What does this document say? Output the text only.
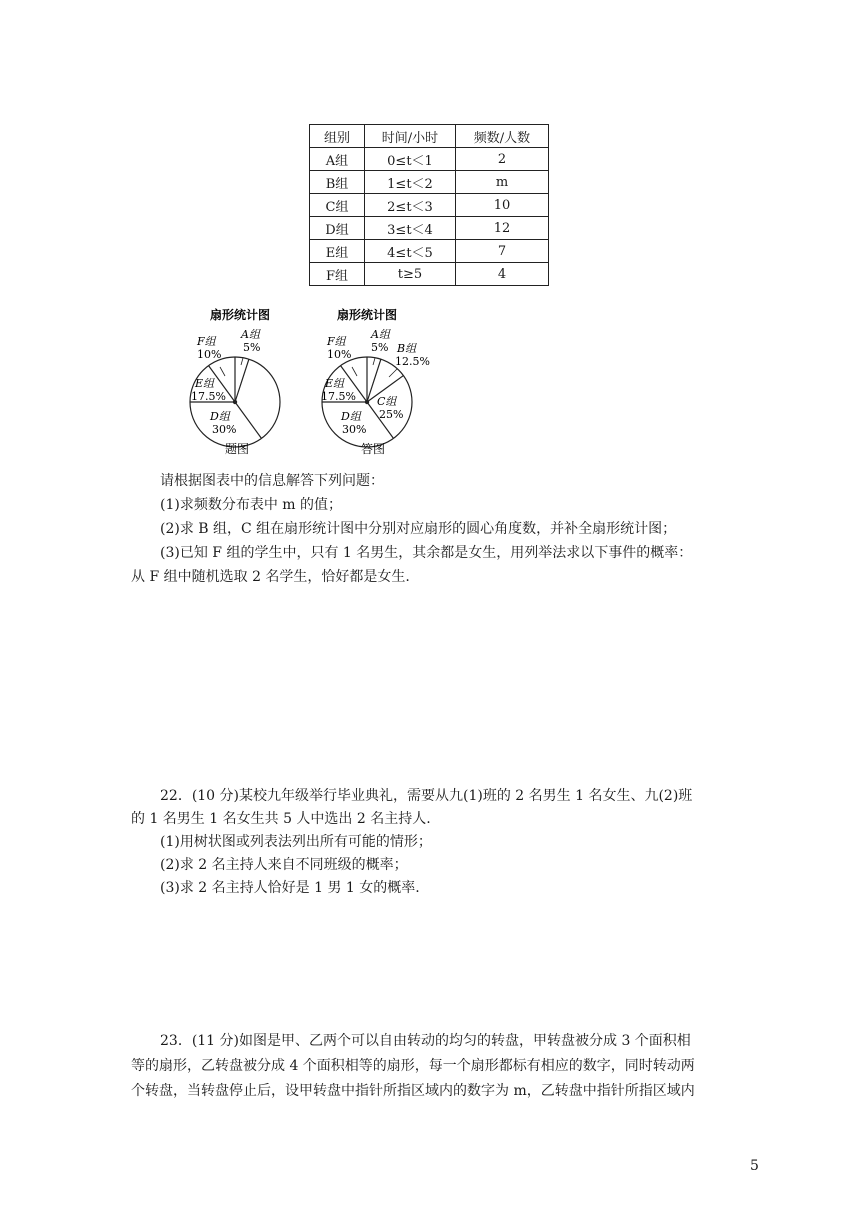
组别	时间/小时	频数/人数
A组	0≤t＜1	2
B组	1≤t＜2	m
C组	2≤t＜3	10
D组	3≤t＜4	12
E组	4≤t＜5	7
F组	t≥5	4
扇形统计图
F组
10%
A组
5%
E组
17.5%
D组
30%
题图
扇形统计图
F组
10%
A组
5% B组
12.5%
C组
25%
E组
17.5%
D组
30%
答图

请根据图表中的信息解答下列问题：

(1)求频数分布表中 m 的值；

(2)求 B 组，C 组在扇形统计图中分别对应扇形的圆心角度数，并补全扇形统计图；

(3)已知 F 组的学生中，只有 1 名男生，其余都是女生，用列举法求以下事件的概率：

从 F 组中随机选取 2 名学生，恰好都是女生.

22．(10 分)某校九年级举行毕业典礼，需要从九(1)班的 2 名男生 1 名女生、九(2)班

的 1 名男生 1 名女生共 5 人中选出 2 名主持人.

(1)用树状图或列表法列出所有可能的情形；

(2)求 2 名主持人来自不同班级的概率；

(3)求 2 名主持人恰好是 1 男 1 女的概率.

23．(11 分)如图是甲、乙两个可以自由转动的均匀的转盘，甲转盘被分成 3 个面积相

等的扇形，乙转盘被分成 4 个面积相等的扇形，每一个扇形都标有相应的数字，同时转动两

个转盘，当转盘停止后，设甲转盘中指针所指区域内的数字为 m，乙转盘中指针所指区域内

5
